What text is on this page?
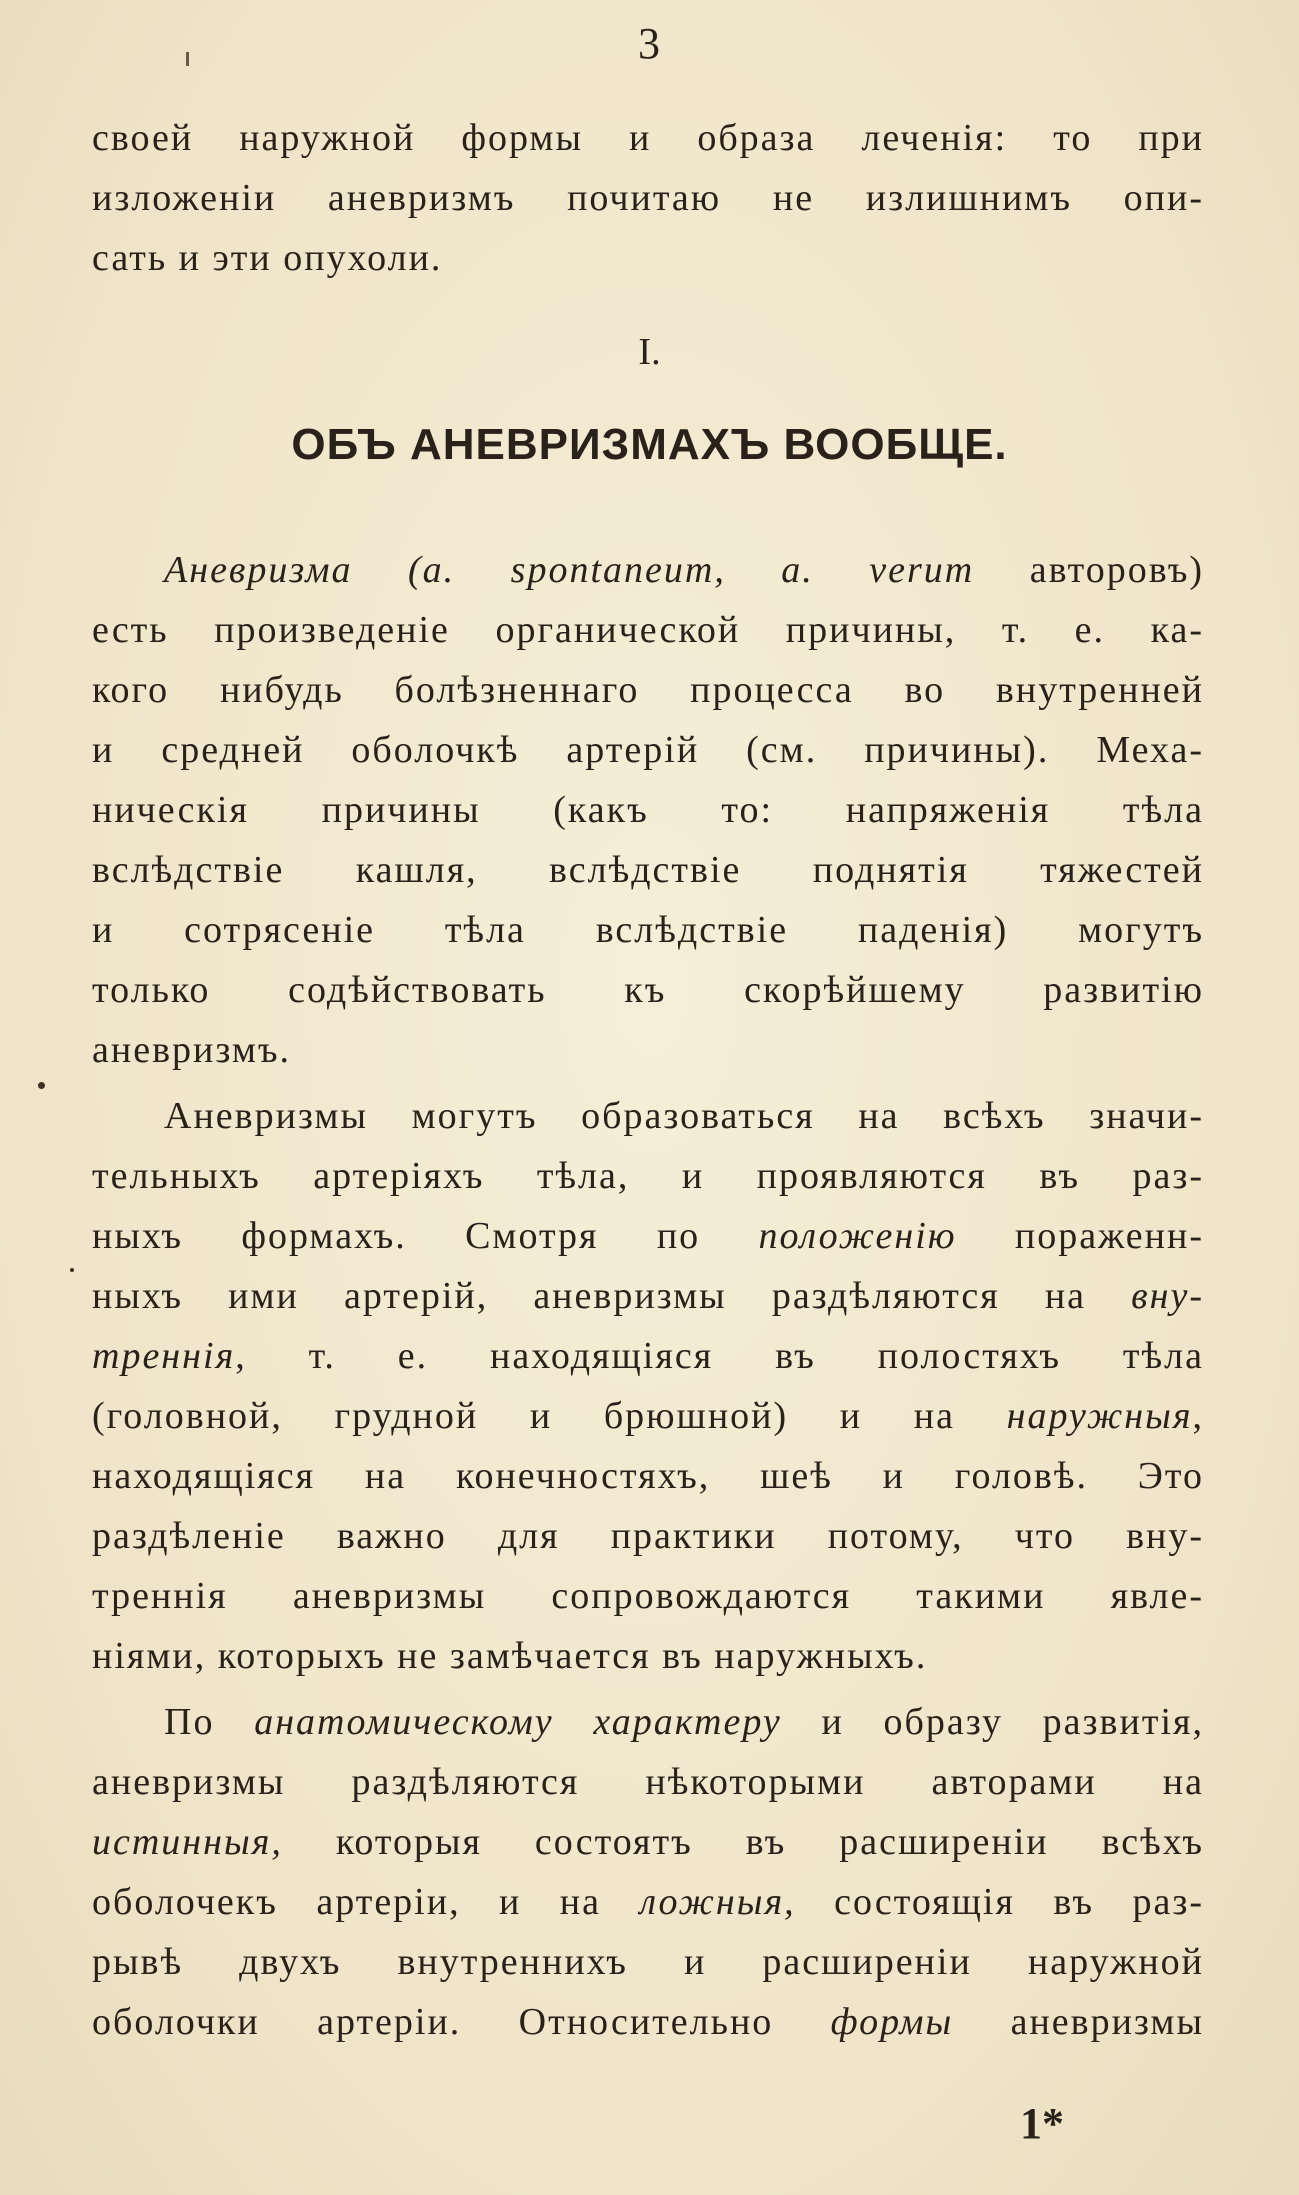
3
своей наружной формы и образа леченія: то при
изложеніи аневризмъ почитаю не излишнимъ опи-
сать и эти опухоли.
I.
ОБЪ АНЕВРИЗМАХЪ ВООБЩЕ.
Аневризма (a. spontaneum, a. verum авторовъ)
есть произведеніе органической причины, т. е. ка-
кого нибудь болѣзненнаго процесса во внутренней
и средней оболочкѣ артерій (см. причины). Меха-
ническія причины (какъ то: напряженія тѣла
вслѣдствіе кашля, вслѣдствіе поднятія тяжестей
и сотрясеніе тѣла вслѣдствіе паденія) могутъ
только содѣйствовать къ скорѣйшему развитію
аневризмъ.
Аневризмы могутъ образоваться на всѣхъ значи-
тельныхъ артеріяхъ тѣла, и проявляются въ раз-
ныхъ формахъ. Смотря по положенію пораженн-
ныхъ ими артерій, аневризмы раздѣляются на вну-
треннія, т. е. находящіяся въ полостяхъ тѣла
(головной, грудной и брюшной) и на наружныя,
находящіяся на конечностяхъ, шеѣ и головѣ. Это
раздѣленіе важно для практики потому, что вну-
треннія аневризмы сопровождаются такими явле-
ніями, которыхъ не замѣчается въ наружныхъ.
По анатомическому характеру и образу развитія,
аневризмы раздѣляются нѣкоторыми авторами на
истинныя, которыя состоятъ въ расширеніи всѣхъ
оболочекъ артеріи, и на ложныя, состоящія въ раз-
рывѣ двухъ внутреннихъ и расширеніи наружной
оболочки артеріи. Относительно формы аневризмы
1*
